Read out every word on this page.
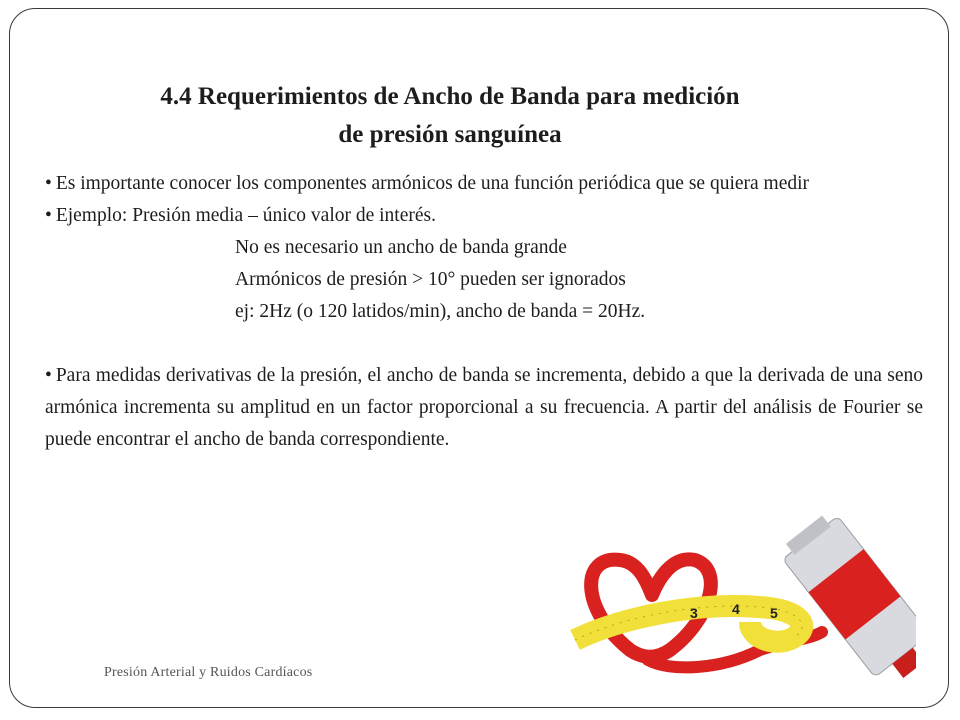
4.4 Requerimientos de Ancho de Banda para medición
de presión sanguínea

• Es importante conocer los componentes armónicos de una función periódica que se quiera medir

• Ejemplo: Presión media – único valor de interés.

No es necesario un ancho de banda grande

Armónicos de presión > 10° pueden ser ignorados

ej: 2Hz (o 120 latidos/min), ancho de banda = 20Hz.

• Para medidas derivativas de la presión, el ancho de banda se incrementa, debido a que la derivada de una seno armónica incrementa su amplitud en un factor proporcional a su frecuencia. A partir del análisis de Fourier se puede encontrar el ancho de banda correspondiente.

3 4 5
Presión Arterial y Ruidos Cardíacos
